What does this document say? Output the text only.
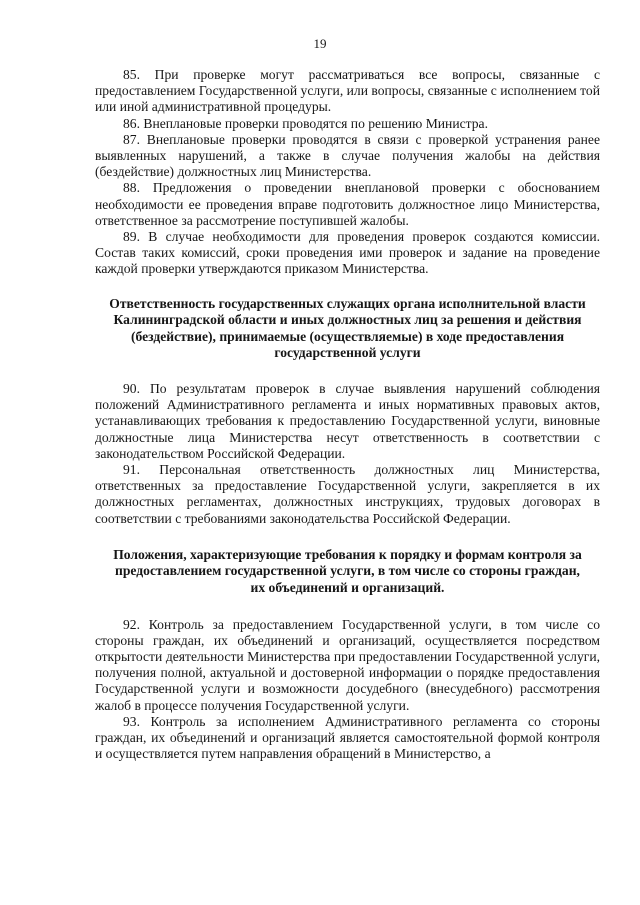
19

85. При проверке могут рассматриваться все вопросы, связанные с предоставлением Государственной услуги, или вопросы, связанные с исполнением той или иной административной процедуры.

86. Внеплановые проверки проводятся по решению Министра.

87. Внеплановые проверки проводятся в связи с проверкой устранения ранее выявленных нарушений, а также в случае получения жалобы на действия (бездействие) должностных лиц Министерства.

88. Предложения о проведении внеплановой проверки с обоснованием необходимости ее проведения вправе подготовить должностное лицо Министерства, ответственное за рассмотрение поступившей жалобы.

89. В случае необходимости для проведения проверок создаются комиссии. Состав таких комиссий, сроки проведения ими проверок и задание на проведение каждой проверки утверждаются приказом Министерства.

Ответственность государственных служащих органа исполнительной власти Калининградской области и иных должностных лиц за решения и действия (бездействие), принимаемые (осуществляемые) в ходе предоставления государственной услуги

90. По результатам проверок в случае выявления нарушений соблюдения положений Административного регламента и иных нормативных правовых актов, устанавливающих требования к предоставлению Государственной услуги, виновные должностные лица Министерства несут ответственность в соответствии с законодательством Российской Федерации.

91. Персональная ответственность должностных лиц Министерства, ответственных за предоставление Государственной услуги, закрепляется в их должностных регламентах, должностных инструкциях, трудовых договорах в соответствии с требованиями законодательства Российской Федерации.

Положения, характеризующие требования к порядку и формам контроля за предоставлением государственной услуги, в том числе со стороны граждан, их объединений и организаций.

92. Контроль за предоставлением Государственной услуги, в том числе со стороны граждан, их объединений и организаций, осуществляется посредством открытости деятельности Министерства при предоставлении Государственной услуги, получения полной, актуальной и достоверной информации о порядке предоставления Государственной услуги и возможности досудебного (внесудебного) рассмотрения жалоб в процессе получения Государственной услуги.

93. Контроль за исполнением Административного регламента со стороны граждан, их объединений и организаций является самостоятельной формой контроля и осуществляется путем направления обращений в Министерство, а
